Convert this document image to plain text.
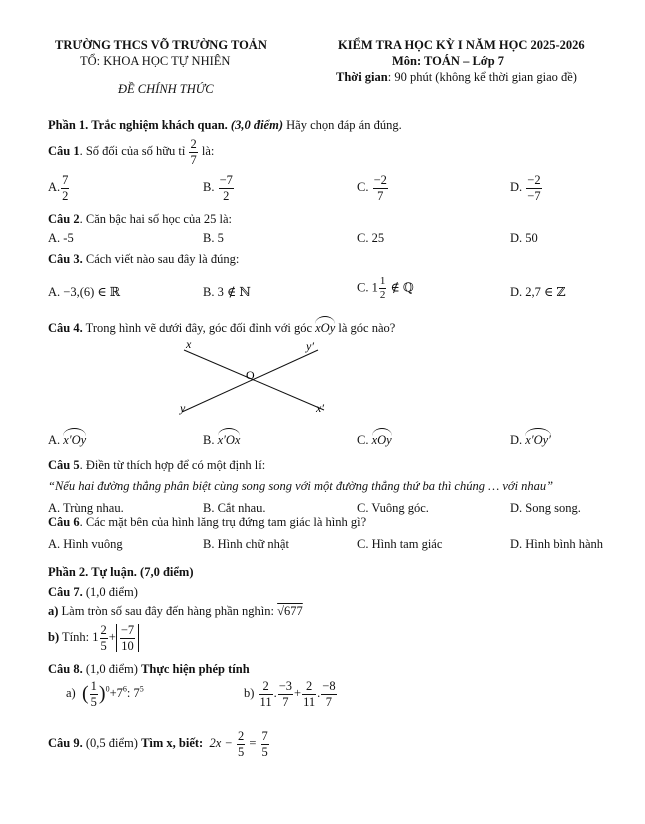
TRƯỜNG THCS VÕ TRƯỜNG TOẢN
TỔ: KHOA HỌC TỰ NHIÊN
ĐỀ CHÍNH THỨC
KIỂM TRA HỌC KỲ I NĂM HỌC 2025-2026
Môn: TOÁN – Lớp 7
Thời gian: 90 phút (không kể thời gian giao đề)
Phần 1. Trắc nghiệm khách quan. (3,0 điểm) Hãy chọn đáp án đúng.
Câu 1. Số đối của số hữu tỉ $\frac{2}{7}$ là:
A. $\frac{7}{2}$	B. $\frac{-7}{2}$	C. $\frac{-2}{7}$	D. $\frac{-2}{-7}$
Câu 2. Căn bậc hai số học của 25 là:
A. -5	B. 5	C. 25	D. 50
Câu 3. Cách viết nào sau đây là đúng:
A. −3,(6) ∈ ℝ	B. 3 ∉ ℕ	C. $1 \frac{1}{2}$ ∉ ℚ	D. 2,7 ∈ ℤ
Câu 4. Trong hình vẽ dưới đây, góc đối đỉnh với góc xOy là góc nào?
x	y′
O
y	x′
A. x′Oy	B. x′Ox	C. xOy	D. x′Oy′
Câu 5. Điền từ thích hợp để có một định lí:
“Nếu hai đường thẳng phân biệt cùng song song với một đường thẳng thứ ba thì chúng … với nhau”
A. Trùng nhau.	B. Cắt nhau.	C. Vuông góc.	D. Song song.
Câu 6. Các mặt bên của hình lăng trụ đứng tam giác là hình gì?
A. Hình vuông	B. Hình chữ nhật	C. Hình tam giác	D. Hình bình hành
Phần 2. Tự luận. (7,0 điểm)
Câu 7. (1,0 điểm)
a) Làm tròn số sau đây đến hàng phần nghìn: √677
b) Tính: $1 \frac{2}{5} + \frac{-7}{10}$
Câu 8. (1,0 điểm) Thực hiện phép tính
a) ( $\frac{1}{5} )^0+7^6$: $7^5$	$b) \frac{2}{11}$ . $\frac{-3}{7} + \frac{2}{11}$ . $\frac{-8}{7}$
Câu 9. (0,5 điểm) Tìm x, biết: $2x - \frac{2}{5} = \frac{7}{5}$
